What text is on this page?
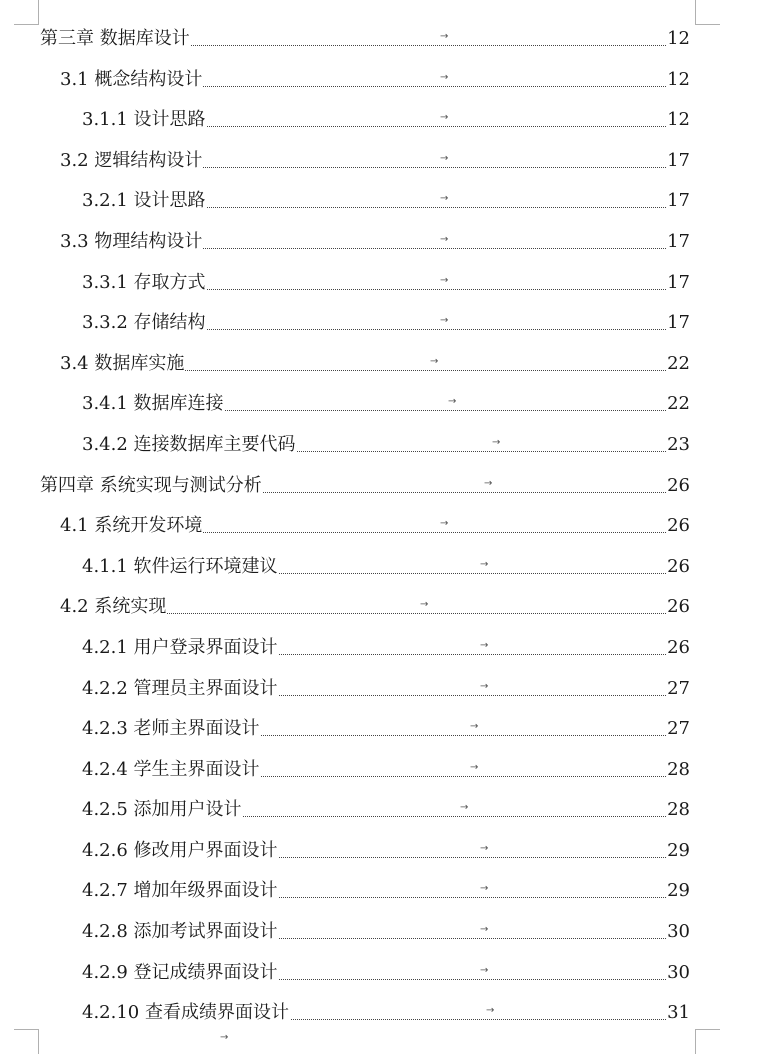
→
第三章 数据库设计	12
→
3.1 概念结构设计	12
→
3.1.1 设计思路	12
→
3.2 逻辑结构设计	17
→
3.2.1 设计思路	17
→
3.3 物理结构设计	17
→
3.3.1 存取方式	17
→
3.3.2 存储结构	17
→
3.4 数据库实施	22
→
3.4.1 数据库连接	22
→
3.4.2 连接数据库主要代码	23
→
第四章 系统实现与测试分析	26
→
4.1 系统开发环境	26
→
4.1.1 软件运行环境建议	26
→
4.2 系统实现	26
→
4.2.1 用户登录界面设计	26
→
4.2.2 管理员主界面设计	27
→
4.2.3 老师主界面设计	27
→
4.2.4 学生主界面设计	28
→
4.2.5 添加用户设计	28
→
4.2.6 修改用户界面设计	29
→
4.2.7 增加年级界面设计	29
→
4.2.8 添加考试界面设计	30
→
4.2.9 登记成绩界面设计	30
→
4.2.10 查看成绩界面设计	31
→
